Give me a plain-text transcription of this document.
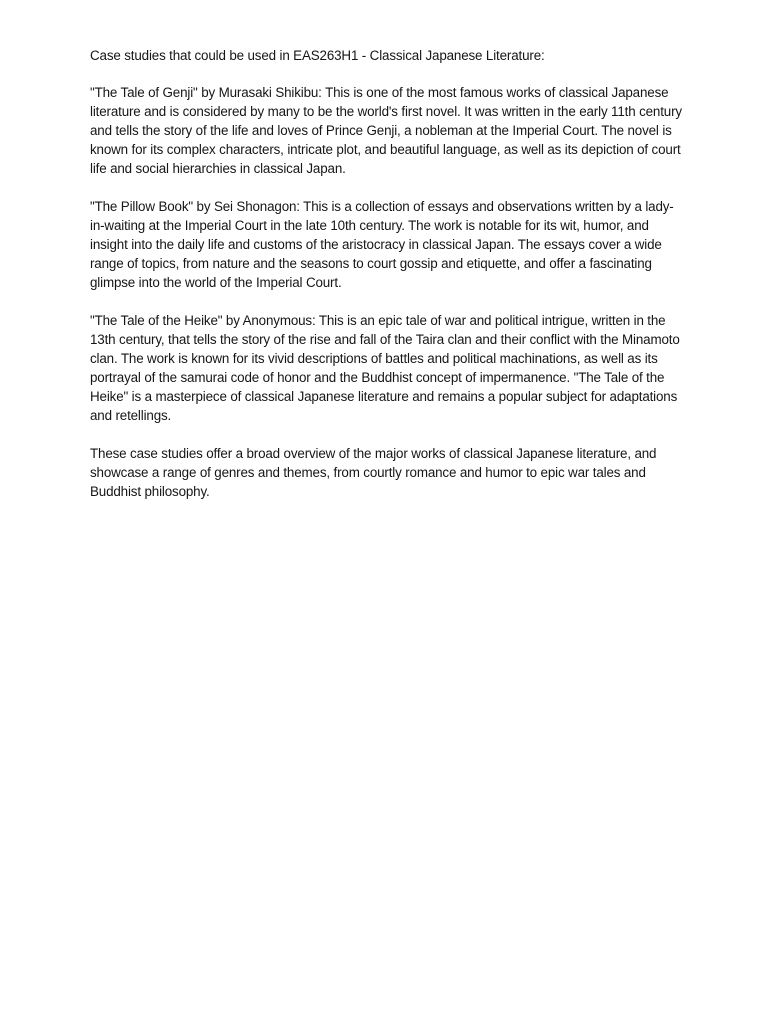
Case studies that could be used in EAS263H1 - Classical Japanese Literature:

"The Tale of Genji" by Murasaki Shikibu: This is one of the most famous works of classical Japanese literature and is considered by many to be the world's first novel. It was written in the early 11th century and tells the story of the life and loves of Prince Genji, a nobleman at the Imperial Court. The novel is known for its complex characters, intricate plot, and beautiful language, as well as its depiction of court life and social hierarchies in classical Japan.

"The Pillow Book" by Sei Shonagon: This is a collection of essays and observations written by a lady-in-waiting at the Imperial Court in the late 10th century. The work is notable for its wit, humor, and insight into the daily life and customs of the aristocracy in classical Japan. The essays cover a wide range of topics, from nature and the seasons to court gossip and etiquette, and offer a fascinating glimpse into the world of the Imperial Court.

"The Tale of the Heike" by Anonymous: This is an epic tale of war and political intrigue, written in the 13th century, that tells the story of the rise and fall of the Taira clan and their conflict with the Minamoto clan. The work is known for its vivid descriptions of battles and political machinations, as well as its portrayal of the samurai code of honor and the Buddhist concept of impermanence. "The Tale of the Heike" is a masterpiece of classical Japanese literature and remains a popular subject for adaptations and retellings.

These case studies offer a broad overview of the major works of classical Japanese literature, and showcase a range of genres and themes, from courtly romance and humor to epic war tales and Buddhist philosophy.
